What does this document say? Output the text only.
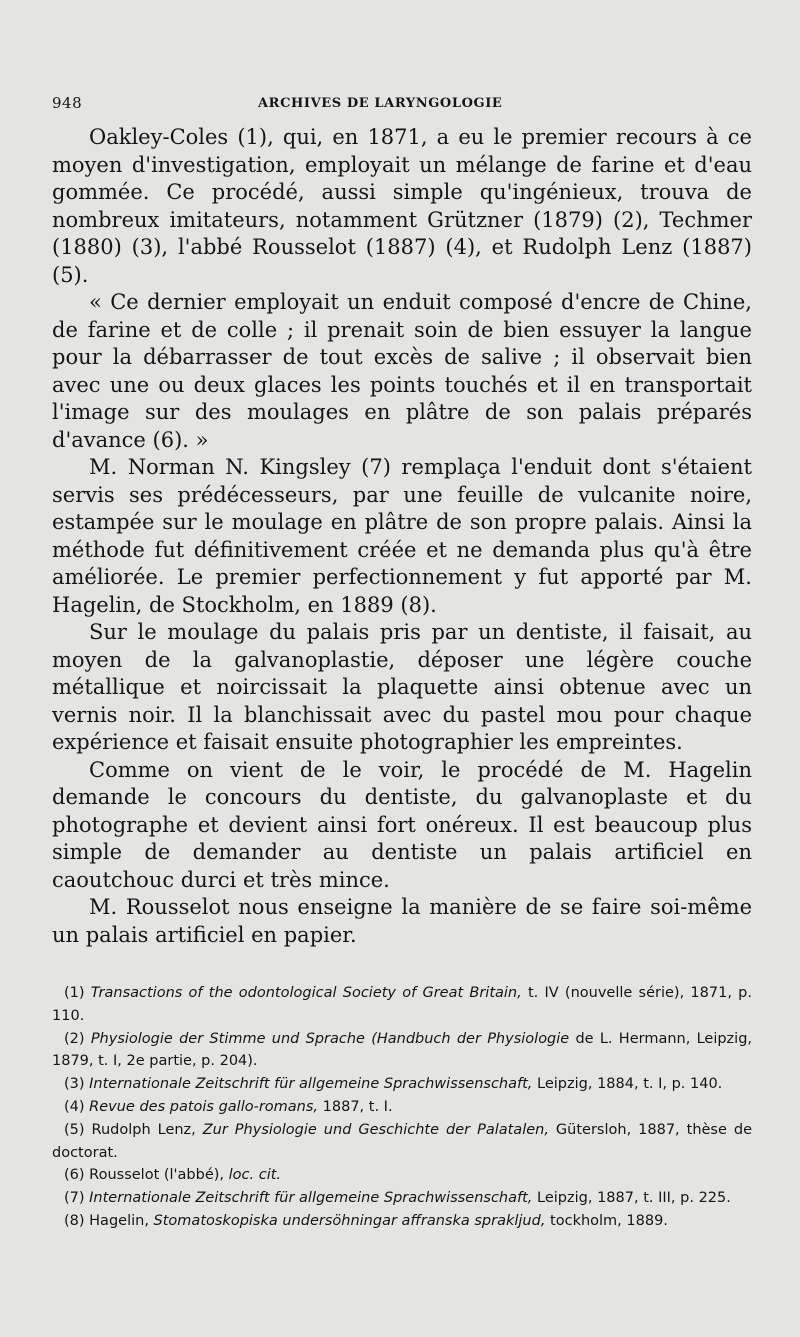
948	ARCHIVES DE LARYNGOLOGIE

Oakley-Coles (1), qui, en 1871, a eu le premier recours à ce moyen d'investigation, employait un mélange de farine et d'eau gommée. Ce procédé, aussi simple qu'ingénieux, trouva de nombreux imitateurs, notamment Grützner (1879) (2), Techmer (1880) (3), l'abbé Rousselot (1887) (4), et Rudolph Lenz (1887) (5).

« Ce dernier employait un enduit composé d'encre de Chine, de farine et de colle ; il prenait soin de bien essuyer la langue pour la débarrasser de tout excès de salive ; il observait bien avec une ou deux glaces les points touchés et il en transportait l'image sur des moulages en plâtre de son palais préparés d'avance (6). »

M. Norman N. Kingsley (7) remplaça l'enduit dont s'étaient servis ses prédécesseurs, par une feuille de vulcanite noire, estampée sur le moulage en plâtre de son propre palais. Ainsi la méthode fut définitivement créée et ne demanda plus qu'à être améliorée. Le premier perfectionnement y fut apporté par M. Hagelin, de Stockholm, en 1889 (8).

Sur le moulage du palais pris par un dentiste, il faisait, au moyen de la galvanoplastie, déposer une légère couche métallique et noircissait la plaquette ainsi obtenue avec un vernis noir. Il la blanchissait avec du pastel mou pour chaque expérience et faisait ensuite photographier les empreintes.

Comme on vient de le voir, le procédé de M. Hagelin demande le concours du dentiste, du galvanoplaste et du photographe et devient ainsi fort onéreux. Il est beaucoup plus simple de demander au dentiste un palais artificiel en caoutchouc durci et très mince.

M. Rousselot nous enseigne la manière de se faire soi-même un palais artificiel en papier.

(1) Transactions of the odontological Society of Great Britain, t. IV (nouvelle série), 1871, p. 110.

(2) Physiologie der Stimme und Sprache (Handbuch der Physiologie de L. Hermann, Leipzig, 1879, t. I, 2e partie, p. 204).

(3) Internationale Zeitschrift für allgemeine Sprachwissenschaft, Leipzig, 1884, t. I, p. 140.

(4) Revue des patois gallo-romans, 1887, t. I.

(5) Rudolph Lenz, Zur Physiologie und Geschichte der Palatalen, Gütersloh, 1887, thèse de doctorat.

(6) Rousselot (l'abbé), loc. cit.

(7) Internationale Zeitschrift für allgemeine Sprachwissenschaft, Leipzig, 1887, t. III, p. 225.

(8) Hagelin, Stomatoskopiska undersöhningar affranska sprakljud, tockholm, 1889.
